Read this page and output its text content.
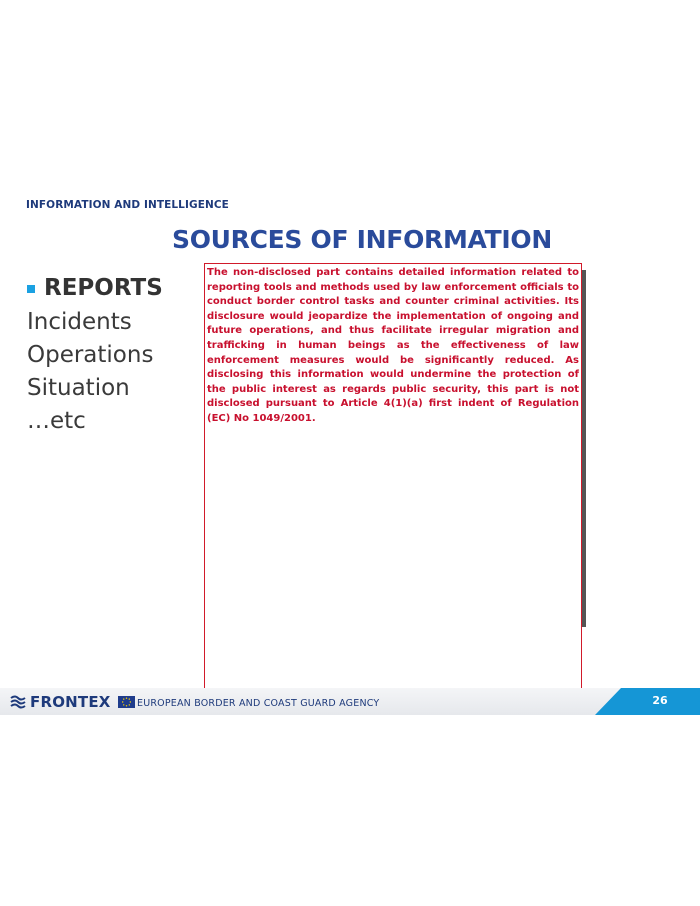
INFORMATION AND INTELLIGENCE
SOURCES OF INFORMATION
REPORTS
Incidents
Operations
Situation
…etc

The non-disclosed part contains detailed information related to reporting tools and methods used by law enforcement officials to conduct border control tasks and counter criminal activities. Its disclosure would jeopardize the implementation of ongoing and future operations, and thus facilitate irregular migration and trafficking in human beings as the effectiveness of law enforcement measures would be significantly reduced. As disclosing this information would undermine the protection of the public interest as regards public security, this part is not disclosed pursuant to Article 4(1)(a) first indent of Regulation (EC) No 1049/2001.

FRONTEX	EUROPEAN BORDER AND COAST GUARD AGENCY	26
